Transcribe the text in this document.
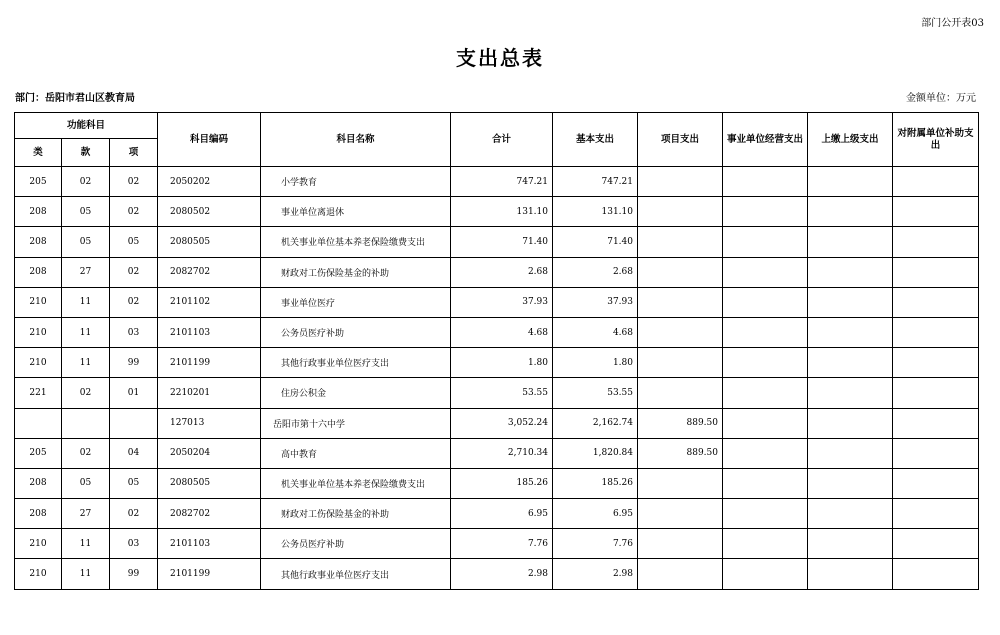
部门公开表03
支出总表
部门：岳阳市君山区教育局	金额单位：万元
功能科目			科目编码	科目名称	合计	基本支出	项目支出	事业单位经营支出	上缴上级支出	对附属单位补助支出
类	款	项								
205	02	02	2050202	小学教育	747.21	747.21				
208	05	02	2080502	事业单位离退休	131.10	131.10				
208	05	05	2080505	机关事业单位基本养老保险缴费支出	71.40	71.40				
208	27	02	2082702	财政对工伤保险基金的补助	2.68	2.68				
210	11	02	2101102	事业单位医疗	37.93	37.93				
210	11	03	2101103	公务员医疗补助	4.68	4.68				
210	11	99	2101199	其他行政事业单位医疗支出	1.80	1.80				
221	02	01	2210201	住房公积金	53.55	53.55				
			127013	岳阳市第十六中学	3,052.24	2,162.74	889.50			
205	02	04	2050204	高中教育	2,710.34	1,820.84	889.50			
208	05	05	2080505	机关事业单位基本养老保险缴费支出	185.26	185.26				
208	27	02	2082702	财政对工伤保险基金的补助	6.95	6.95				
210	11	03	2101103	公务员医疗补助	7.76	7.76				
210	11	99	2101199	其他行政事业单位医疗支出	2.98	2.98				
